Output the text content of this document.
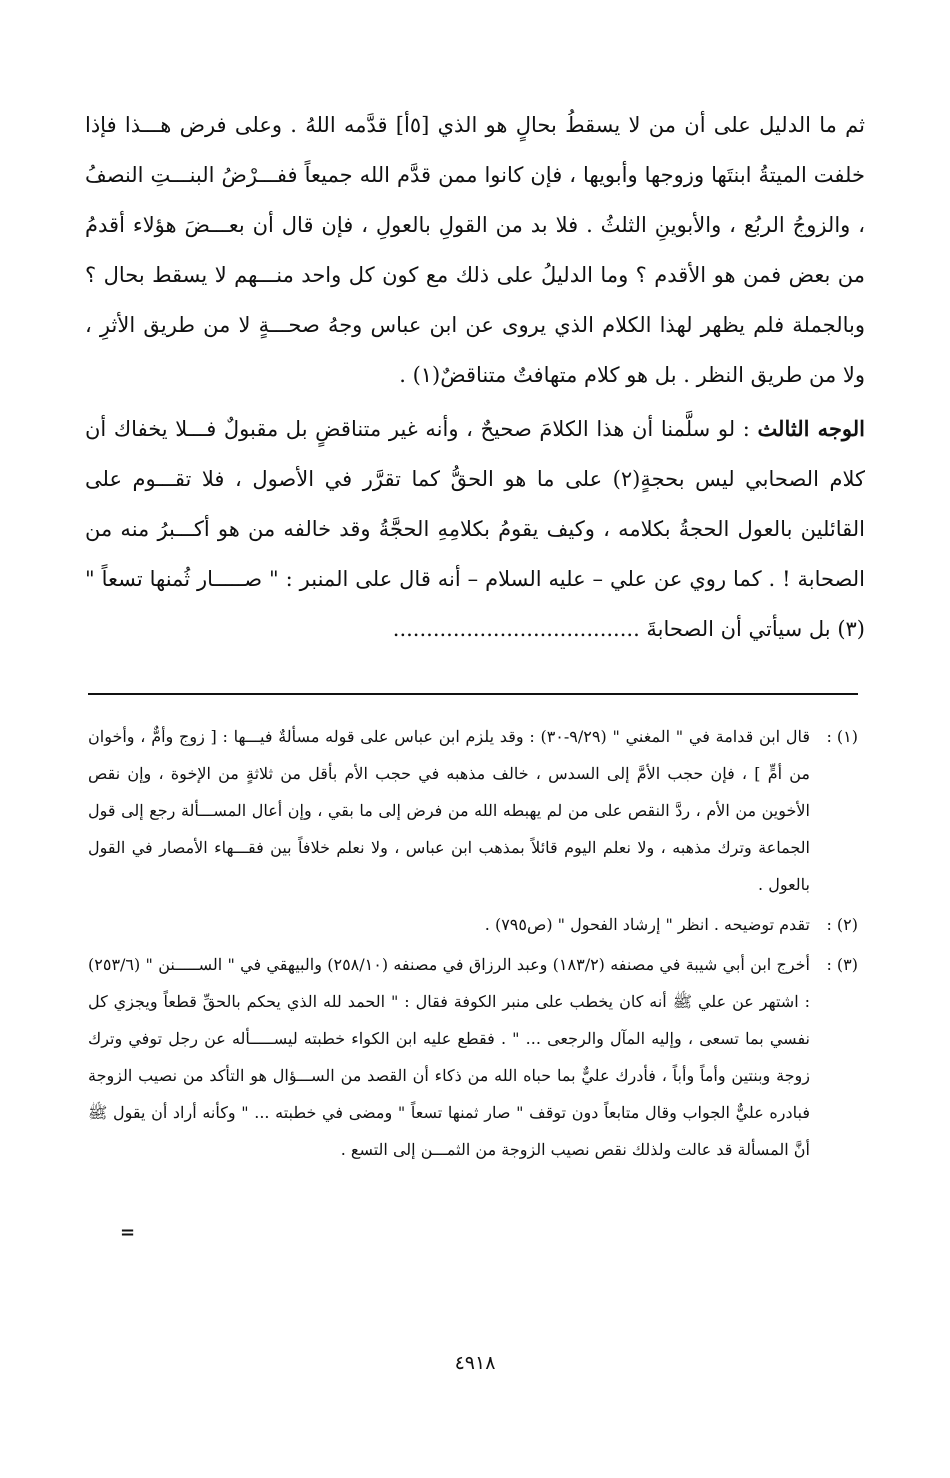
ثم ما الدليل على أن من لا يسقطُ بحالٍ هو الذي [٥أ] قدَّمه اللهُ . وعلى فرض هـــذا فإذا خلفت الميتةُ ابنتَها وزوجها وأبويها ، فإن كانوا ممن قدَّم الله جميعاً ففـــرْضُ البنـــتِ النصفُ ، والزوجُ الربُع ، والأبوينِ الثلثُ . فلا بد من القولِ بالعولِ ، فإن قال أن بعـــضَ هؤلاء أقدمُ من بعض فمن هو الأقدم ؟ وما الدليلُ على ذلك مع كون كل واحد منـــهم لا يسقط بحال ؟ وبالجملة فلم يظهر لهذا الكلام الذي يروى عن ابن عباس وجهُ صحـــةٍ لا من طريق الأثرِ ، ولا من طريق النظر . بل هو كلام متهافتٌ متناقضٌ(١) .

الوجه الثالث : لو سلَّمنا أن هذا الكلامَ صحيحٌ ، وأنه غير متناقضٍ بل مقبولٌ فـــلا يخفاك أن كلام الصحابي ليس بحجةٍ(٢) على ما هو الحقُّ كما تقرَّر في الأصول ، فلا تقـــوم على القائلين بالعول الحجةُ بكلامه ، وكيف يقومُ بكلامِهِ الحجَّةُ وقد خالفه من هو أكـــبرُ منه من الصحابة ! . كما روي عن علي – عليه السلام – أنه قال على المنبر : " صـــــار ثُمنها تسعاً "(٣) بل سيأتي أن الصحابةَ .....................................

(١) :قال ابن قدامة في " المغني " (٩/٢٩-٣٠) : وقد يلزم ابن عباس على قوله مسألةٌ فيـــها : [ زوج وأمٌّ ، وأخوان من أمٍّ ] ، فإن حجب الأمَّ إلى السدس ، خالف مذهبه في حجب الأم بأقل من ثلاثةٍ من الإخوة ، وإن نقص الأخوين من الأم ، ردَّ النقص على من لم يهبطه الله من فرض إلى ما بقي ، وإن أعال المســـألة رجع إلى قول الجماعة وترك مذهبه ، ولا نعلم اليوم قائلاً بمذهب ابن عباس ، ولا نعلم خلافاً بين فقـــهاء الأمصار في القول بالعول .

(٢) :تقدم توضيحه . انظر " إرشاد الفحول " (ص٧٩٥) .

(٣) :أخرج ابن أبي شيبة في مصنفه (١٨٣/٢) وعبد الرزاق في مصنفه (٢٥٨/١٠) والبيهقي في " الســـــنن " (٢٥٣/٦) : اشتهر عن علي ﷺ أنه كان يخطب على منبر الكوفة فقال : " الحمد لله الذي يحكم بالحقِّ قطعاً ويجزي كل نفسي بما تسعى ، وإليه المآل والرجعى ... " . فقطع عليه ابن الكواء خطبته ليســـــأله عن رجل توفي وترك زوجة وبنتين وأماً وأباً ، فأدرك عليٌّ بما حباه الله من ذكاء أن القصد من الســـؤال هو التأكد من نصيب الزوجة فبادره عليٌّ الجواب وقال متابعاً دون توقف " صار ثمنها تسعاً " ومضى في خطبته ... " وكأنه أراد أن يقول ﷺ أنَّ المسألة قد عالت ولذلك نقص نصيب الزوجة من الثمـــن إلى التسع .

=
٤٩١٨
